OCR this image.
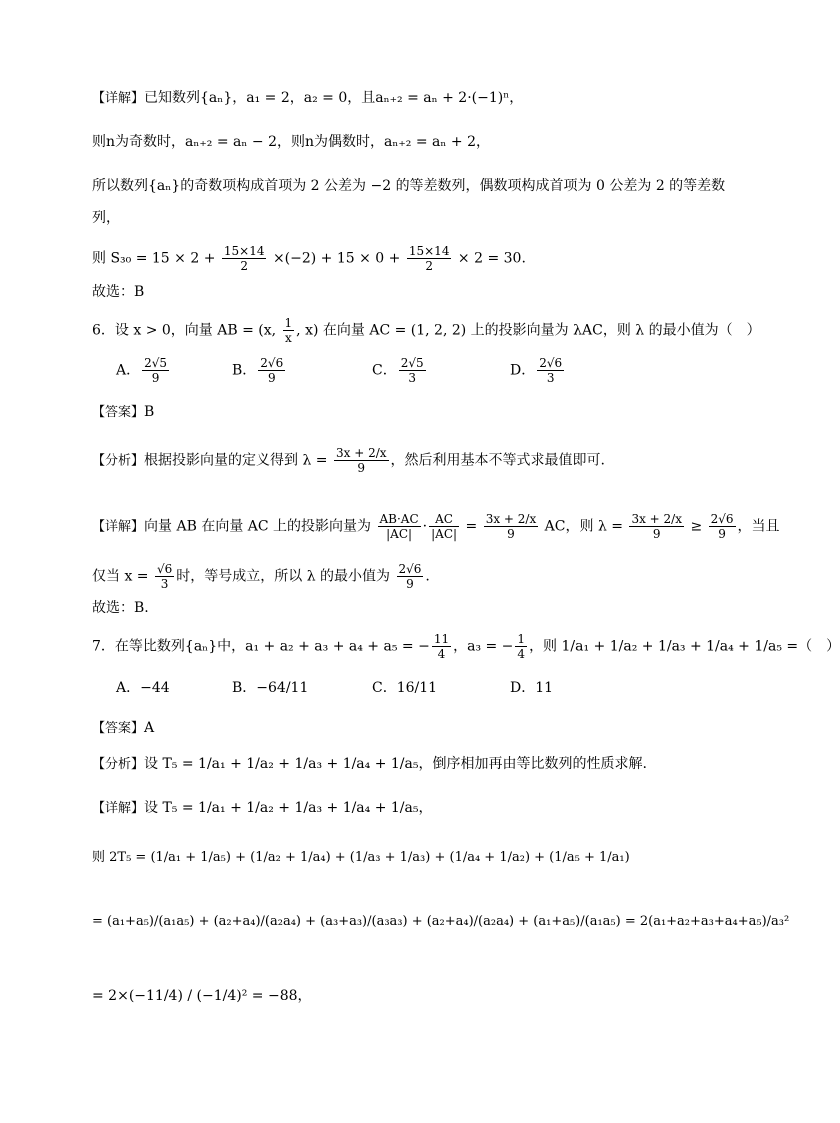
【详解】已知数列{aₙ}，a₁ = 2，a₂ = 0，且aₙ₊₂ = aₙ + 2·(−1)ⁿ，
则n为奇数时，aₙ₊₂ = aₙ − 2，则n为偶数时，aₙ₊₂ = aₙ + 2，
所以数列{aₙ}的奇数项构成首项为 2 公差为 −2 的等差数列，偶数项构成首项为 0 公差为 2 的等差数
列，
则 $S_{30} = 15 \times 2 + \frac{15\times 14}{2} \times(-2) + 15 \times 0 + \frac{15\times 14}{2} \times 2 = 30$.
故选：B
6．设 x > 0，向量 AB = (x, $\frac{1}{x}$ , x) 在向量 AC = (1, 2, 2) 上的投影向量为 λAC，则 λ 的最小值为（　）
A． $\frac{2√5}{9}$	B． $\frac{2√6}{9}$	C． $\frac{2√5}{3}$	D． $\frac{2√6}{3}$
【答案】B
【分析】根据投影向量的定义得到 $\lambda = \frac{3x + 2/x}{9}$ ，然后利用基本不等式求最值即可.
【详解】向量 AB 在向量 AC 上的投影向量为 $\frac{AB\cdot AC}{|AC|} \cdot \frac{AC}{|AC|} = \frac{3x + 2/x}{9}$ AC，则 $\lambda = \frac{3x + 2/x}{9} \ge \frac{2√6}{9}$ ，当且
仅当 $x = \frac{√6}{3}$ 时，等号成立，所以 λ 的最小值为 $\frac{2√6}{9}$ .
故选：B.
7．在等比数列{aₙ}中，a₁ + a₂ + a₃ + a₄ + a₅ = − $\frac{11}{4}$ ，a₃ = − $\frac{1}{4}$ ，则 1/a₁ + 1/a₂ + 1/a₃ + 1/a₄ + 1/a₅ =（　）
A．−44	B．−64/11	C．16/11	D．11
【答案】A
【分析】设 T₅ = 1/a₁ + 1/a₂ + 1/a₃ + 1/a₄ + 1/a₅，倒序相加再由等比数列的性质求解.
【详解】设 T₅ = 1/a₁ + 1/a₂ + 1/a₃ + 1/a₄ + 1/a₅，
则 2T₅ = (1/a₁ + 1/a₅) + (1/a₂ + 1/a₄) + (1/a₃ + 1/a₃) + (1/a₄ + 1/a₂) + (1/a₅ + 1/a₁)
= (a₁+a₅)/(a₁a₅) + (a₂+a₄)/(a₂a₄) + (a₃+a₃)/(a₃a₃) + (a₂+a₄)/(a₂a₄) + (a₁+a₅)/(a₁a₅) = 2(a₁+a₂+a₃+a₄+a₅)/a₃²
= 2×(−11/4) / (−1/4)² = −88，
